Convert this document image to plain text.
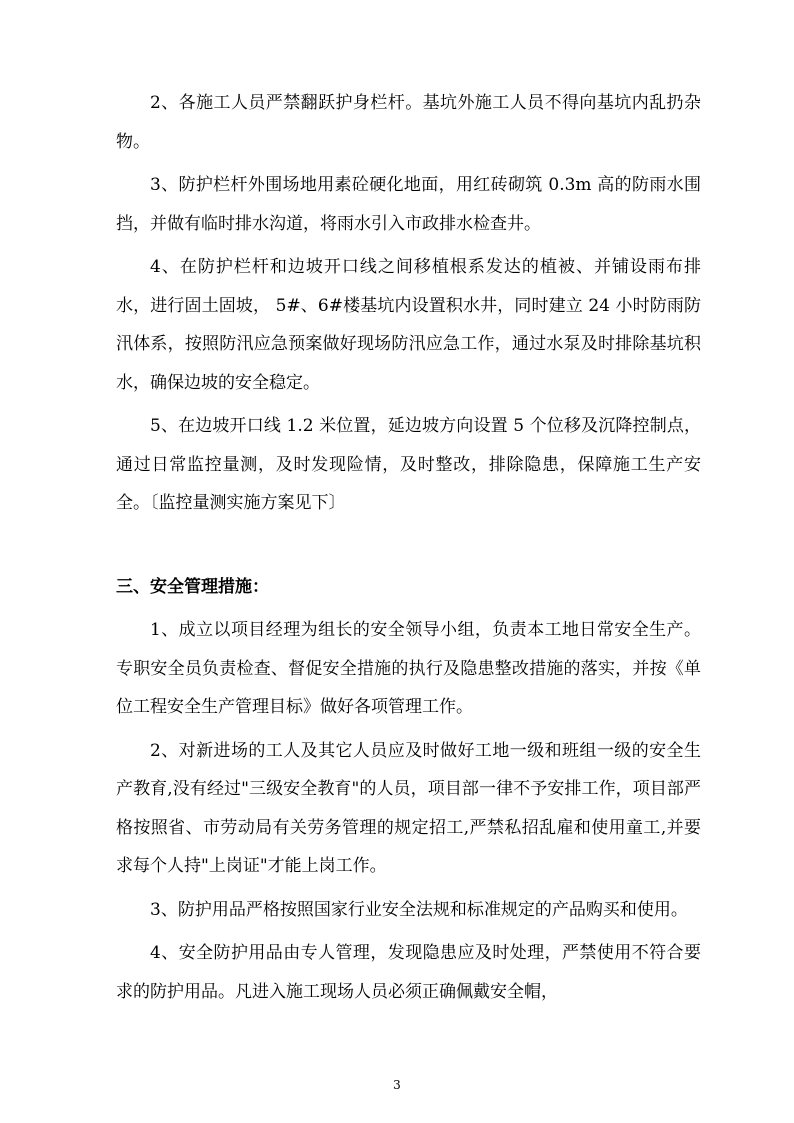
2、各施工人员严禁翻跃护身栏杆。基坑外施工人员不得向基坑内乱扔杂物。

3、防护栏杆外围场地用素砼硬化地面，用红砖砌筑 0.3m 高的防雨水围挡，并做有临时排水沟道，将雨水引入市政排水检查井。

4、在防护栏杆和边坡开口线之间移植根系发达的植被、并铺设雨布排水，进行固土固坡， 5#、6#楼基坑内设置积水井，同时建立 24 小时防雨防汛体系，按照防汛应急预案做好现场防汛应急工作，通过水泵及时排除基坑积水，确保边坡的安全稳定。

5、在边坡开口线 1.2 米位置，延边坡方向设置 5 个位移及沉降控制点，通过日常监控量测，及时发现险情，及时整改，排除隐患，保障施工生产安全。〔监控量测实施方案见下〕

三、安全管理措施：

1、成立以项目经理为组长的安全领导小组，负责本工地日常安全生产。专职安全员负责检查、督促安全措施的执行及隐患整改措施的落实，并按《单位工程安全生产管理目标》做好各项管理工作。

2、对新进场的工人及其它人员应及时做好工地一级和班组一级的安全生产教育,没有经过"三级安全教育"的人员，项目部一律不予安排工作，项目部严格按照省、市劳动局有关劳务管理的规定招工,严禁私招乱雇和使用童工,并要求每个人持"上岗证"才能上岗工作。

3、防护用品严格按照国家行业安全法规和标准规定的产品购买和使用。

4、安全防护用品由专人管理，发现隐患应及时处理，严禁使用不符合要求的防护用品。凡进入施工现场人员必须正确佩戴安全帽，

3
